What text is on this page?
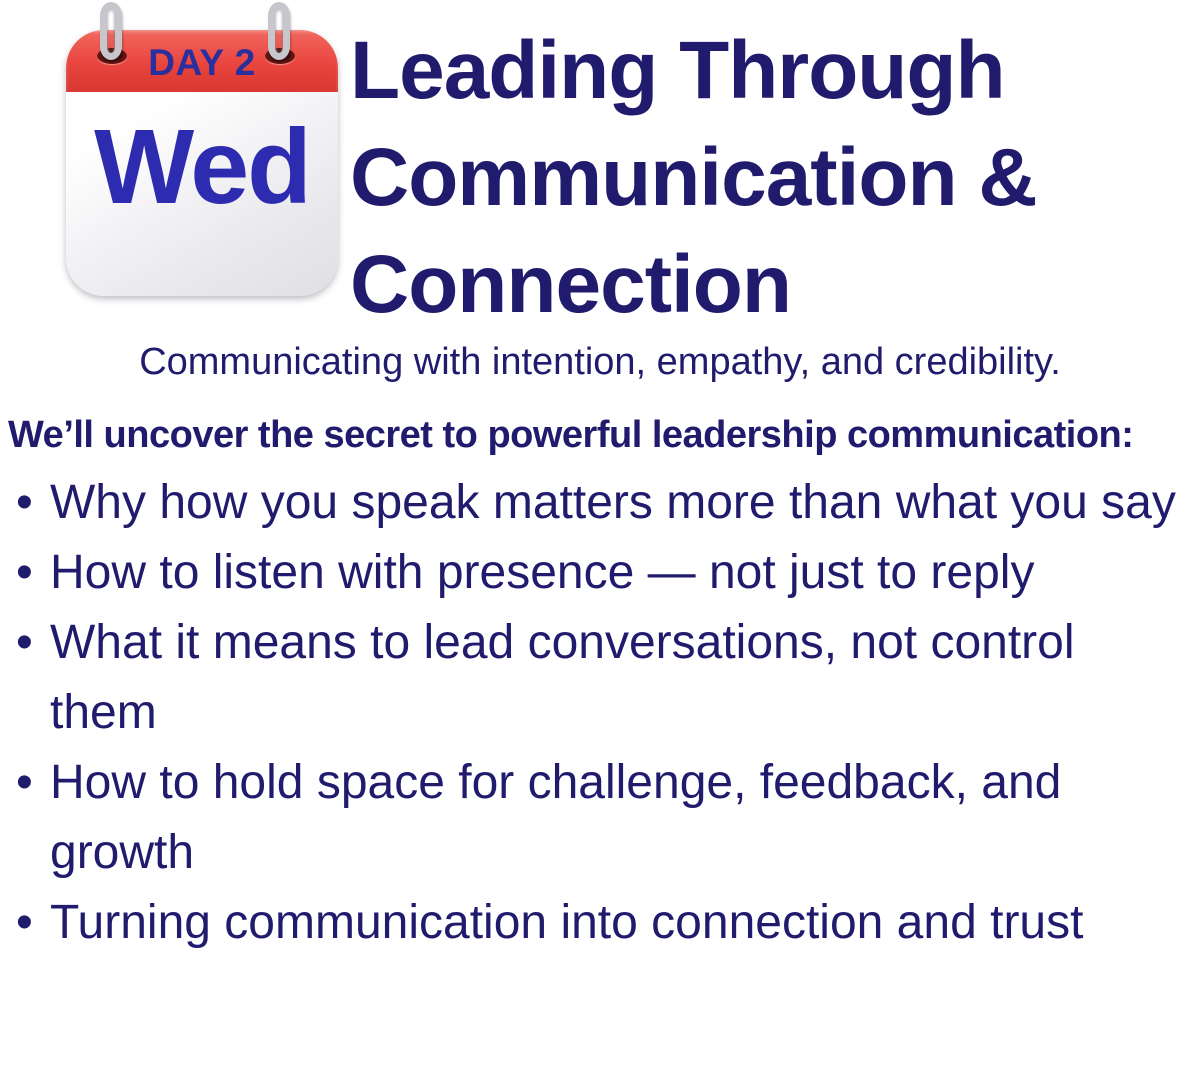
DAY 2
Wed
Leading Through Communication & Connection
Communicating with intention, empathy, and credibility.
We’ll uncover the secret to powerful leadership communication:
• Why how you speak matters more than what you say
• How to listen with presence — not just to reply
• What it means to lead conversations, not control them
• How to hold space for challenge, feedback, and growth
• Turning communication into connection and trust
